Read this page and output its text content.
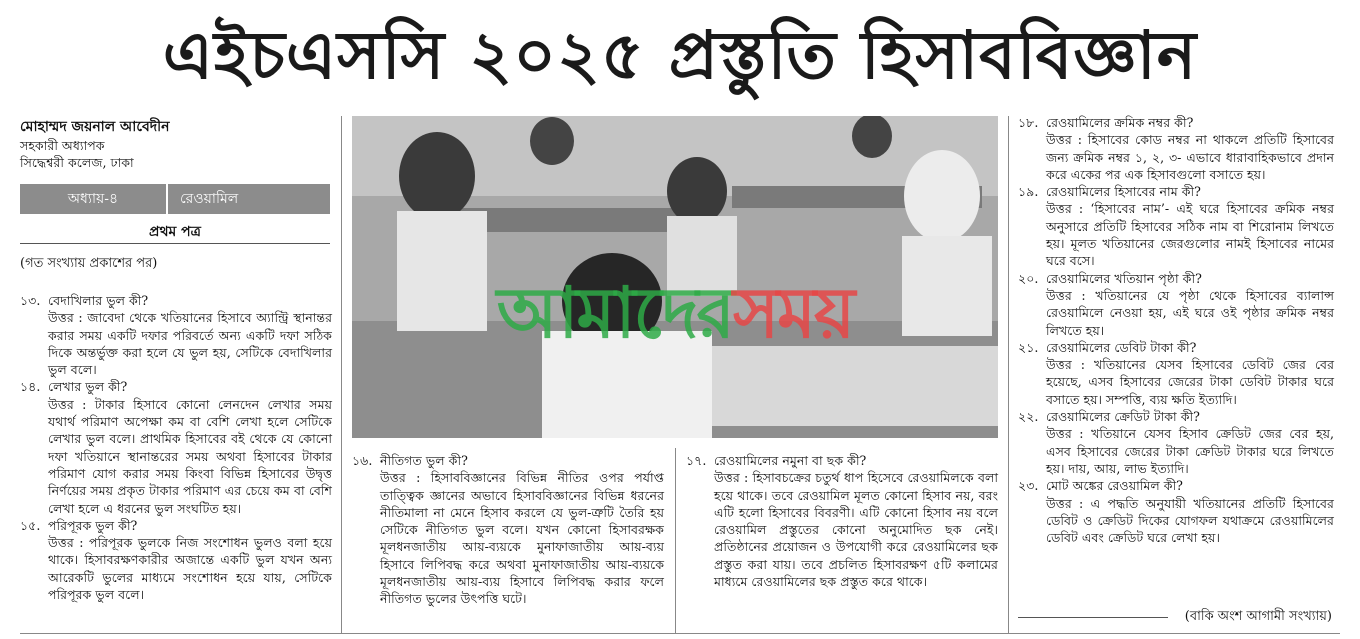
এইচএসসি ২০২৫ প্রস্তুতি হিসাববিজ্ঞান
মোহাম্মদ জয়নাল আবেদীন
সহকারী অধ্যাপক
সিদ্ধেশ্বরী কলেজ, ঢাকা
অধ্যায়-৪	রেওয়ামিল
প্রথম পত্র
(গত সংখ্যায় প্রকাশের পর)
১৩. বেদাখিলার ভুল কী?

উত্তর : জাবেদা থেকে খতিয়ানের হিসাবে অ্যান্ট্রি স্থানান্তর করার সময় একটি দফার পরিবর্তে অন্য একটি দফা সঠিক দিকে অন্তর্ভুক্ত করা হলে যে ভুল হয়, সেটিকে বেদাখিলার ভুল বলে।

১৪. লেখার ভুল কী?

উত্তর : টাকার হিসাবে কোনো লেনদেন লেখার সময় যথার্থ পরিমাণ অপেক্ষা কম বা বেশি লেখা হলে সেটিকে লেখার ভুল বলে। প্রাথমিক হিসাবের বই থেকে যে কোনো দফা খতিয়ানে স্থানান্তরের সময় অথবা হিসাবের টাকার পরিমাণ যোগ করার সময় কিংবা বিভিন্ন হিসাবের উদ্বৃত্ত নির্ণয়ের সময় প্রকৃত টাকার পরিমাণ এর চেয়ে কম বা বেশি লেখা হলে এ ধরনের ভুল সংঘটিত হয়।

১৫. পরিপূরক ভুল কী?

উত্তর : পরিপূরক ভুলকে নিজ সংশোধন ভুলও বলা হয়ে থাকে। হিসাবরক্ষণকারীর অজান্তে একটি ভুল যখন অন্য আরেকটি ভুলের মাধ্যমে সংশোধন হয়ে যায়, সেটিকে পরিপূরক ভুল বলে।

আমাদেরসময়
১৬. নীতিগত ভুল কী?

উত্তর : হিসাববিজ্ঞানের বিভিন্ন নীতির ওপর পর্যাপ্ত তাত্ত্বিক জ্ঞানের অভাবে হিসাববিজ্ঞানের বিভিন্ন ধরনের নীতিমালা না মেনে হিসাব করলে যে ভুল-ত্রুটি তৈরি হয় সেটিকে নীতিগত ভুল বলে। যখন কোনো হিসাবরক্ষক মূলধনজাতীয় আয়-ব্যয়কে মুনাফাজাতীয় আয়-ব্যয় হিসাবে লিপিবদ্ধ করে অথবা মুনাফাজাতীয় আয়-ব্যয়কে মূলধনজাতীয় আয়-ব্যয় হিসাবে লিপিবদ্ধ করার ফলে নীতিগত ভুলের উৎপত্তি ঘটে।

১৭. রেওয়ামিলের নমুনা বা ছক কী?

উত্তর : হিসাবচক্রের চতুর্থ ধাপ হিসেবে রেওয়ামিলকে বলা হয়ে থাকে। তবে রেওয়ামিল মূলত কোনো হিসাব নয়, বরং এটি হলো হিসাবের বিবরণী। এটি কোনো হিসাব নয় বলে রেওয়ামিল প্রস্তুতের কোনো অনুমোদিত ছক নেই। প্রতিষ্ঠানের প্রয়োজন ও উপযোগী করে রেওয়ামিলের ছক প্রস্তুত করা যায়। তবে প্রচলিত হিসাবরক্ষণ ৫টি কলামের মাধ্যমে রেওয়ামিলের ছক প্রস্তুত করে থাকে।

১৮. রেওয়ামিলের ক্রমিক নম্বর কী?

উত্তর : হিসাবের কোড নম্বর না থাকলে প্রতিটি হিসাবের জন্য ক্রমিক নম্বর ১, ২, ৩- এভাবে ধারাবাহিকভাবে প্রদান করে একের পর এক হিসাবগুলো বসাতে হয়।

১৯. রেওয়ামিলের হিসাবের নাম কী?

উত্তর : ‘হিসাবের নাম’- এই ঘরে হিসাবের ক্রমিক নম্বর অনুসারে প্রতিটি হিসাবের সঠিক নাম বা শিরোনাম লিখতে হয়। মূলত খতিয়ানের জেরগুলোর নামই হিসাবের নামের ঘরে বসে।

২০. রেওয়ামিলের খতিয়ান পৃষ্ঠা কী?

উত্তর : খতিয়ানের যে পৃষ্ঠা থেকে হিসাবের ব্যালান্স রেওয়ামিলে নেওয়া হয়, এই ঘরে ওই পৃষ্ঠার ক্রমিক নম্বর লিখতে হয়।

২১. রেওয়ামিলের ডেবিট টাকা কী?

উত্তর : খতিয়ানের যেসব হিসাবের ডেবিট জের বের হয়েছে, এসব হিসাবের জেরের টাকা ডেবিট টাকার ঘরে বসাতে হয়। সম্পত্তি, ব্যয় ক্ষতি ইত্যাদি।

২২. রেওয়ামিলের ক্রেডিট টাকা কী?

উত্তর : খতিয়ানে যেসব হিসাব ক্রেডিট জের বের হয়, এসব হিসাবের জেরের টাকা ক্রেডিট টাকার ঘরে লিখতে হয়। দায়, আয়, লাভ ইত্যাদি।

২৩. মোট অঙ্কের রেওয়ামিল কী?

উত্তর : এ পদ্ধতি অনুযায়ী খতিয়ানের প্রতিটি হিসাবের ডেবিট ও ক্রেডিট দিকের যোগফল যথাক্রমে রেওয়ামিলের ডেবিট এবং ক্রেডিট ঘরে লেখা হয়।

(বাকি অংশ আগামী সংখ্যায়)
